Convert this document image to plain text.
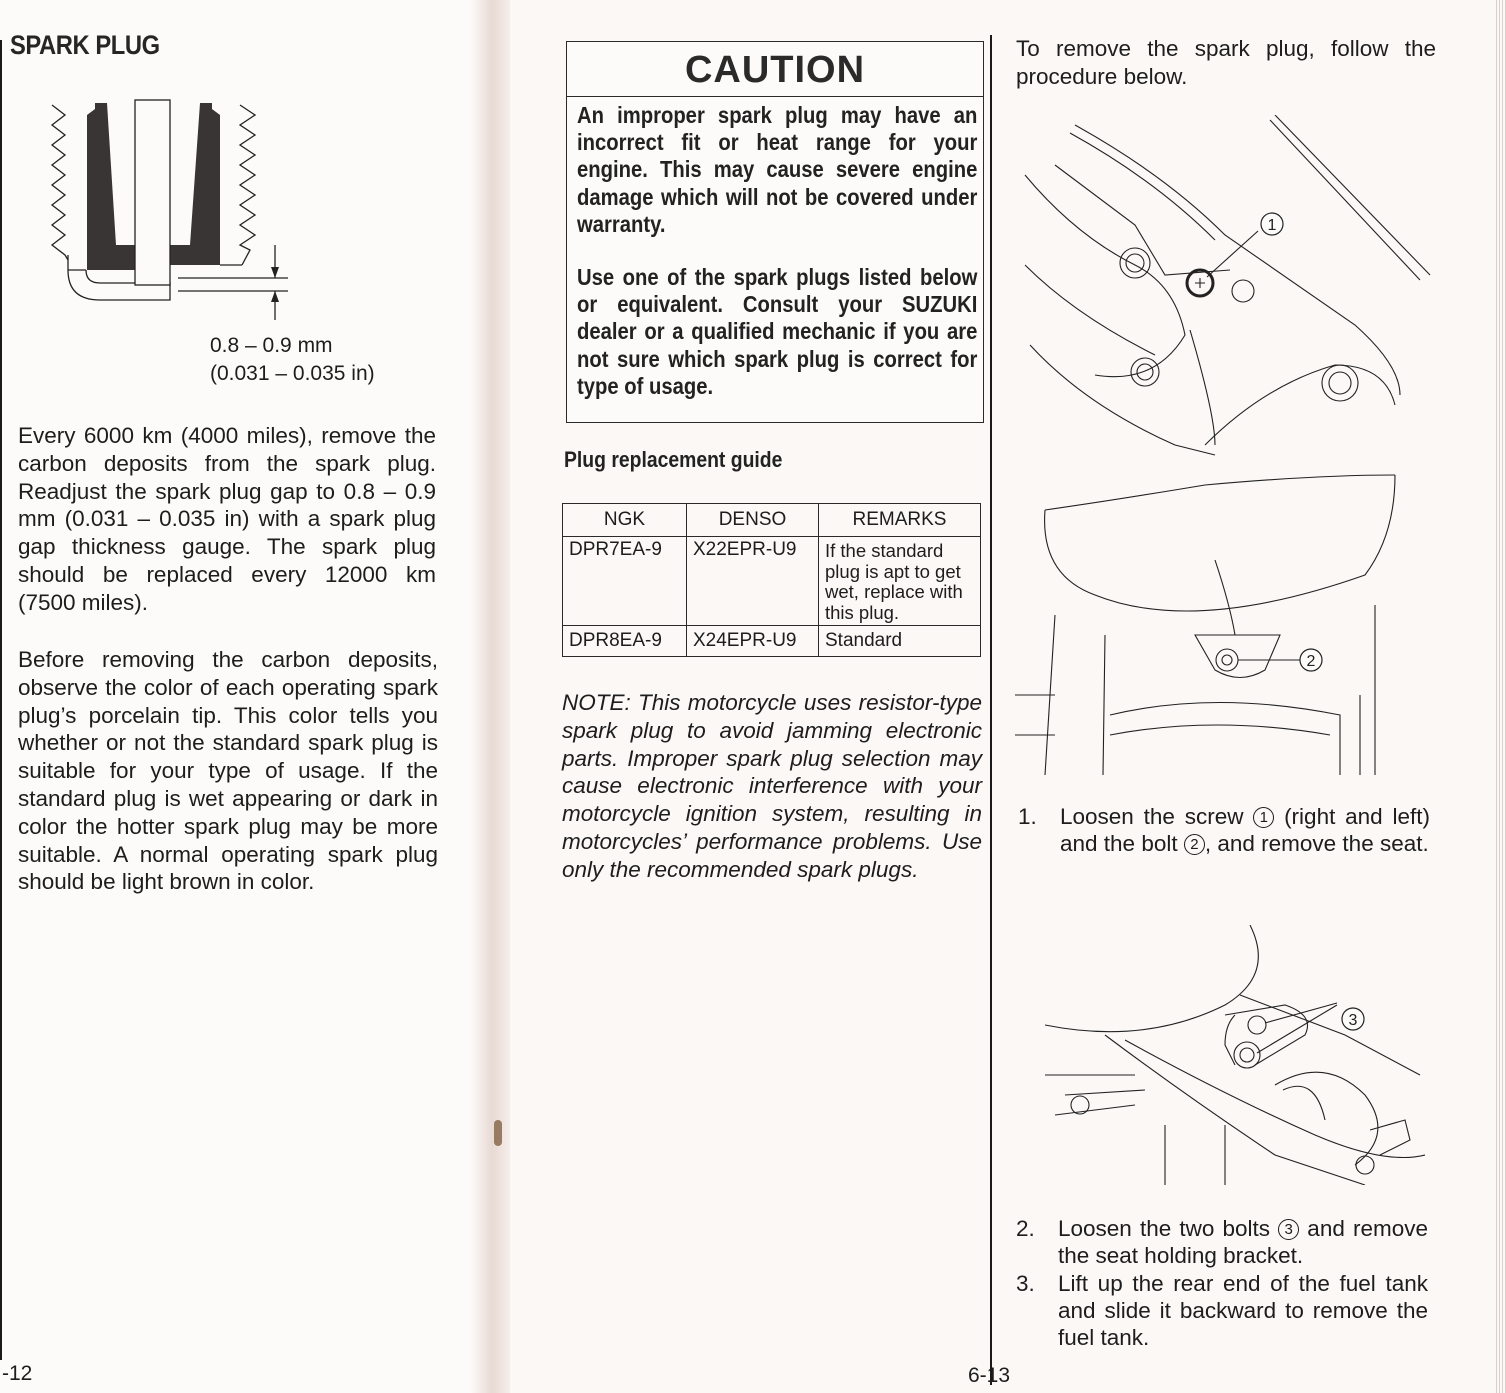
SPARK PLUG
0.8 – 0.9 mm
(0.031 – 0.035 in)
Every 6000 km (4000 miles), remove the carbon deposits from the spark plug. Readjust the spark plug gap to 0.8 – 0.9 mm (0.031 – 0.035 in) with a spark plug gap thickness gauge. The spark plug should be replaced every 12000 km (7500 miles).
Before removing the carbon deposits, observe the color of each operating spark plug’s porcelain tip. This color tells you whether or not the standard spark plug is suitable for your type of usage. If the standard plug is wet appearing or dark in color the hotter spark plug may be more suitable. A normal operating spark plug should be light brown in color.
-12
CAUTION
An improper spark plug may have an incorrect fit or heat range for your engine. This may cause severe engine damage which will not be covered under warranty.
Use one of the spark plugs listed below or equivalent. Consult your SUZUKI dealer or a qualified mechanic if you are not sure which spark plug is correct for type of usage.
Plug replacement guide
NGK	DENSO	REMARKS
DPR7EA-9	X22EPR-U9	If the standard plug is apt to get wet, replace with this plug.
DPR8EA-9	X24EPR-U9	Standard
NOTE: This motorcycle uses resistor-type spark plug to avoid jamming electronic parts. Improper spark plug selection may cause electronic interference with your motorcycle ignition system, resulting in motorcycles’ performance problems. Use only the recommended spark plugs.
6-13
To remove the spark plug, follow the procedure below.
1
2
1. Loosen the screw 1 (right and left) and the bolt 2 , and remove the seat.
3
2. Loosen the two bolts 3 and remove the seat holding bracket.
3. Lift up the rear end of the fuel tank and slide it backward to remove the fuel tank.
